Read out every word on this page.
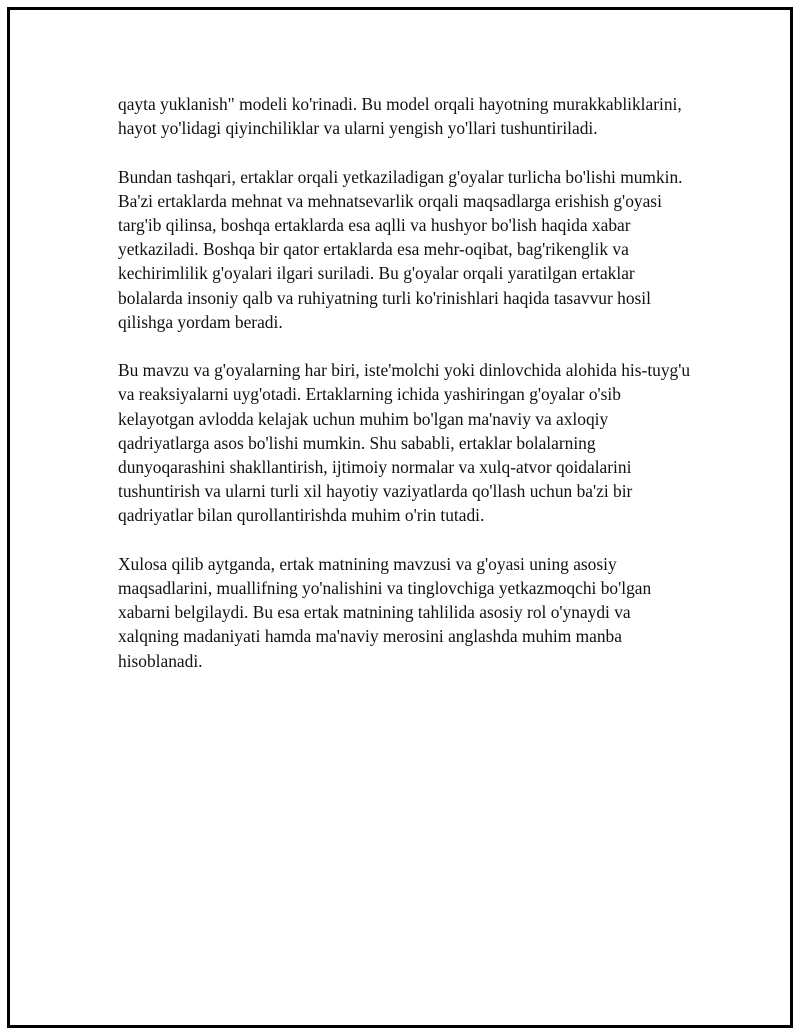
qayta yuklanish" modeli ko'rinadi. Bu model orqali hayotning murakkabliklarini, hayot yo'lidagi qiyinchiliklar va ularni yengish yo'llari tushuntiriladi.

Bundan tashqari, ertaklar orqali yetkaziladigan g'oyalar turlicha bo'lishi mumkin. Ba'zi ertaklarda mehnat va mehnatsevarlik orqali maqsadlarga erishish g'oyasi targ'ib qilinsa, boshqa ertaklarda esa aqlli va hushyor bo'lish haqida xabar yetkaziladi. Boshqa bir qator ertaklarda esa mehr-oqibat, bag'rikenglik va kechirimlilik g'oyalari ilgari suriladi. Bu g'oyalar orqali yaratilgan ertaklar bolalarda insoniy qalb va ruhiyatning turli ko'rinishlari haqida tasavvur hosil qilishga yordam beradi.

Bu mavzu va g'oyalarning har biri, iste'molchi yoki dinlovchida alohida his-tuyg'u va reaksiyalarni uyg'otadi. Ertaklarning ichida yashiringan g'oyalar o'sib kelayotgan avlodda kelajak uchun muhim bo'lgan ma'naviy va axloqiy qadriyatlarga asos bo'lishi mumkin. Shu sababli, ertaklar bolalarning dunyoqarashini shakllantirish, ijtimoiy normalar va xulq-atvor qoidalarini tushuntirish va ularni turli xil hayotiy vaziyatlarda qo'llash uchun ba'zi bir qadriyatlar bilan qurollantirishda muhim o'rin tutadi.

Xulosa qilib aytganda, ertak matnining mavzusi va g'oyasi uning asosiy maqsadlarini, muallifning yo'nalishini va tinglovchiga yetkazmoqchi bo'lgan xabarni belgilaydi. Bu esa ertak matnining tahlilida asosiy rol o'ynaydi va xalqning madaniyati hamda ma'naviy merosini anglashda muhim manba hisoblanadi.
